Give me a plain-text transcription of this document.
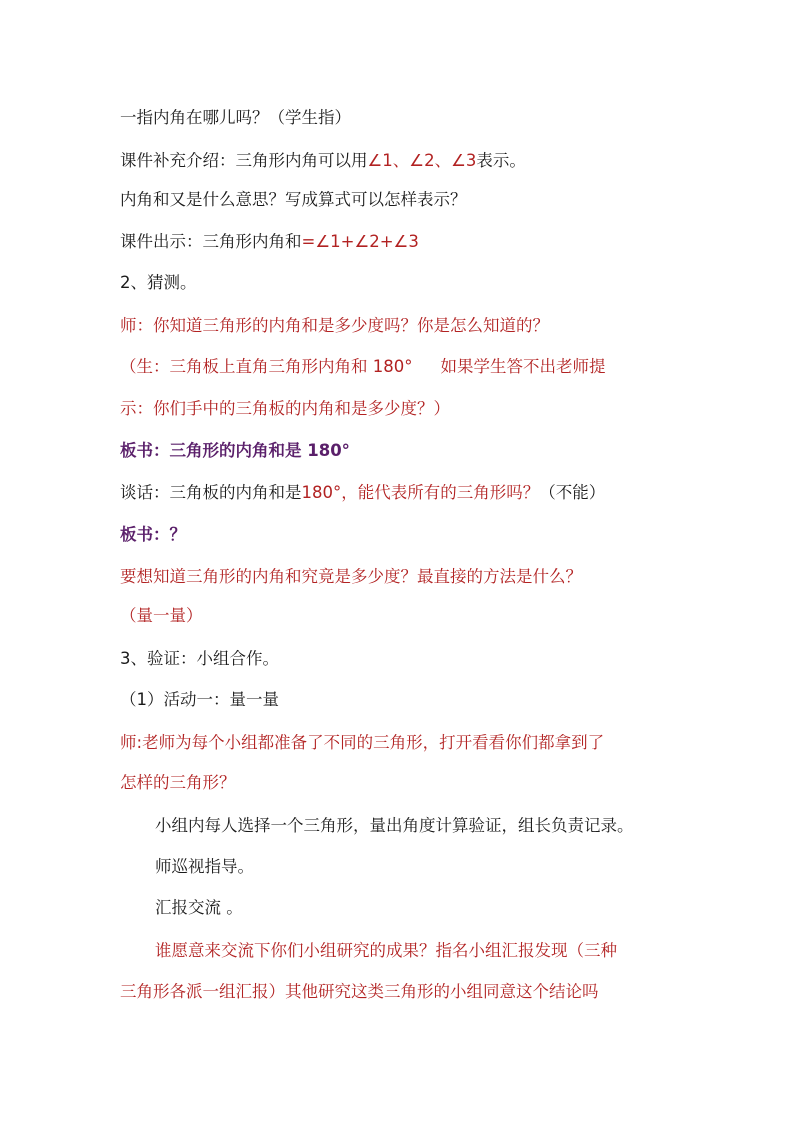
一指内角在哪儿吗？（学生指）
课件补充介绍：三角形内角可以用∠1、∠2、∠3表示。
内角和又是什么意思？写成算式可以怎样表示？
课件出示：三角形内角和=∠1+∠2+∠3
2、猜测。
师：你知道三角形的内角和是多少度吗？你是怎么知道的？
（生：三角板上直角三角形内角和 180° 如果学生答不出老师提
示：你们手中的三角板的内角和是多少度？）
板书：三角形的内角和是 180°
谈话：三角板的内角和是180°，能代表所有的三角形吗？（不能）
板书：？
要想知道三角形的内角和究竟是多少度？最直接的方法是什么？
（量一量）
3、验证：小组合作。
（1）活动一：量一量
师:老师为每个小组都准备了不同的三角形，打开看看你们都拿到了
怎样的三角形？
小组内每人选择一个三角形，量出角度计算验证，组长负责记录。
师巡视指导。
汇报交流 。
谁愿意来交流下你们小组研究的成果？指名小组汇报发现（三种
三角形各派一组汇报）其他研究这类三角形的小组同意这个结论吗
